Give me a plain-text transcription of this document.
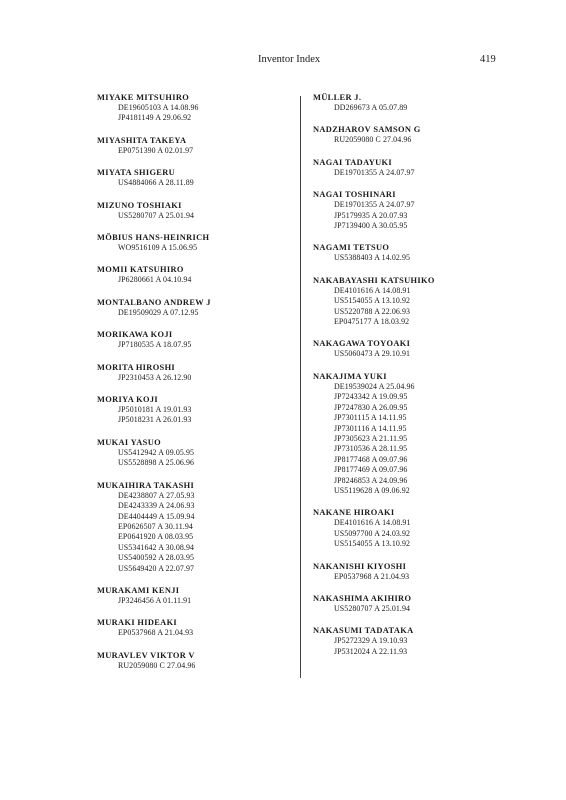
Inventor Index	419
MIYAKE MITSUHIRO
DE19605103 A 14.08.96
JP4181149 A 29.06.92
MIYASHITA TAKEYA
EP0751390 A 02.01.97
MIYATA SHIGERU
US4884066 A 28.11.89
MIZUNO TOSHIAKI
US5280707 A 25.01.94
MÖBIUS HANS-HEINRICH
WO9516109 A 15.06.95
MOMII KATSUHIRO
JP6280661 A 04.10.94
MONTALBANO ANDREW J
DE19509029 A 07.12.95
MORIKAWA KOJI
JP7180535 A 18.07.95
MORITA HIROSHI
JP2310453 A 26.12.90
MORIYA KOJI
JP5010181 A 19.01.93
JP5018231 A 26.01.93
MUKAI YASUO
US5412942 A 09.05.95
US5528898 A 25.06.96
MUKAIHIRA TAKASHI
DE4238807 A 27.05.93
DE4243339 A 24.06.93
DE4404449 A 15.09.94
EP0626507 A 30.11.94
EP0641920 A 08.03.95
US5341642 A 30.08.94
US5400592 A 28.03.95
US5649420 A 22.07.97
MURAKAMI KENJI
JP3246456 A 01.11.91
MURAKI HIDEAKI
EP0537968 A 21.04.93
MURAVLEV VIKTOR V
RU2059080 C 27.04.96
MÜLLER J.
DD269673 A 05.07.89
NADZHAROV SAMSON G
RU2059080 C 27.04.96
NAGAI TADAYUKI
DE19701355 A 24.07.97
NAGAI TOSHINARI
DE19701355 A 24.07.97
JP5179935 A 20.07.93
JP7139400 A 30.05.95
NAGAMI TETSUO
US5388403 A 14.02.95
NAKABAYASHI KATSUHIKO
DE4101616 A 14.08.91
US5154055 A 13.10.92
US5220788 A 22.06.93
EP0475177 A 18.03.92
NAKAGAWA TOYOAKI
US5060473 A 29.10.91
NAKAJIMA YUKI
DE19539024 A 25.04.96
JP7243342 A 19.09.95
JP7247830 A 26.09.95
JP7301115 A 14.11.95
JP7301116 A 14.11.95
JP7305623 A 21.11.95
JP7310536 A 28.11.95
JP8177468 A 09.07.96
JP8177469 A 09.07.96
JP8246853 A 24.09.96
US5119628 A 09.06.92
NAKANE HIROAKI
DE4101616 A 14.08.91
US5097700 A 24.03.92
US5154055 A 13.10.92
NAKANISHI KIYOSHI
EP0537968 A 21.04.93
NAKASHIMA AKIHIRO
US5280707 A 25.01.94
NAKASUMI TADATAKA
JP5272329 A 19.10.93
JP5312024 A 22.11.93
